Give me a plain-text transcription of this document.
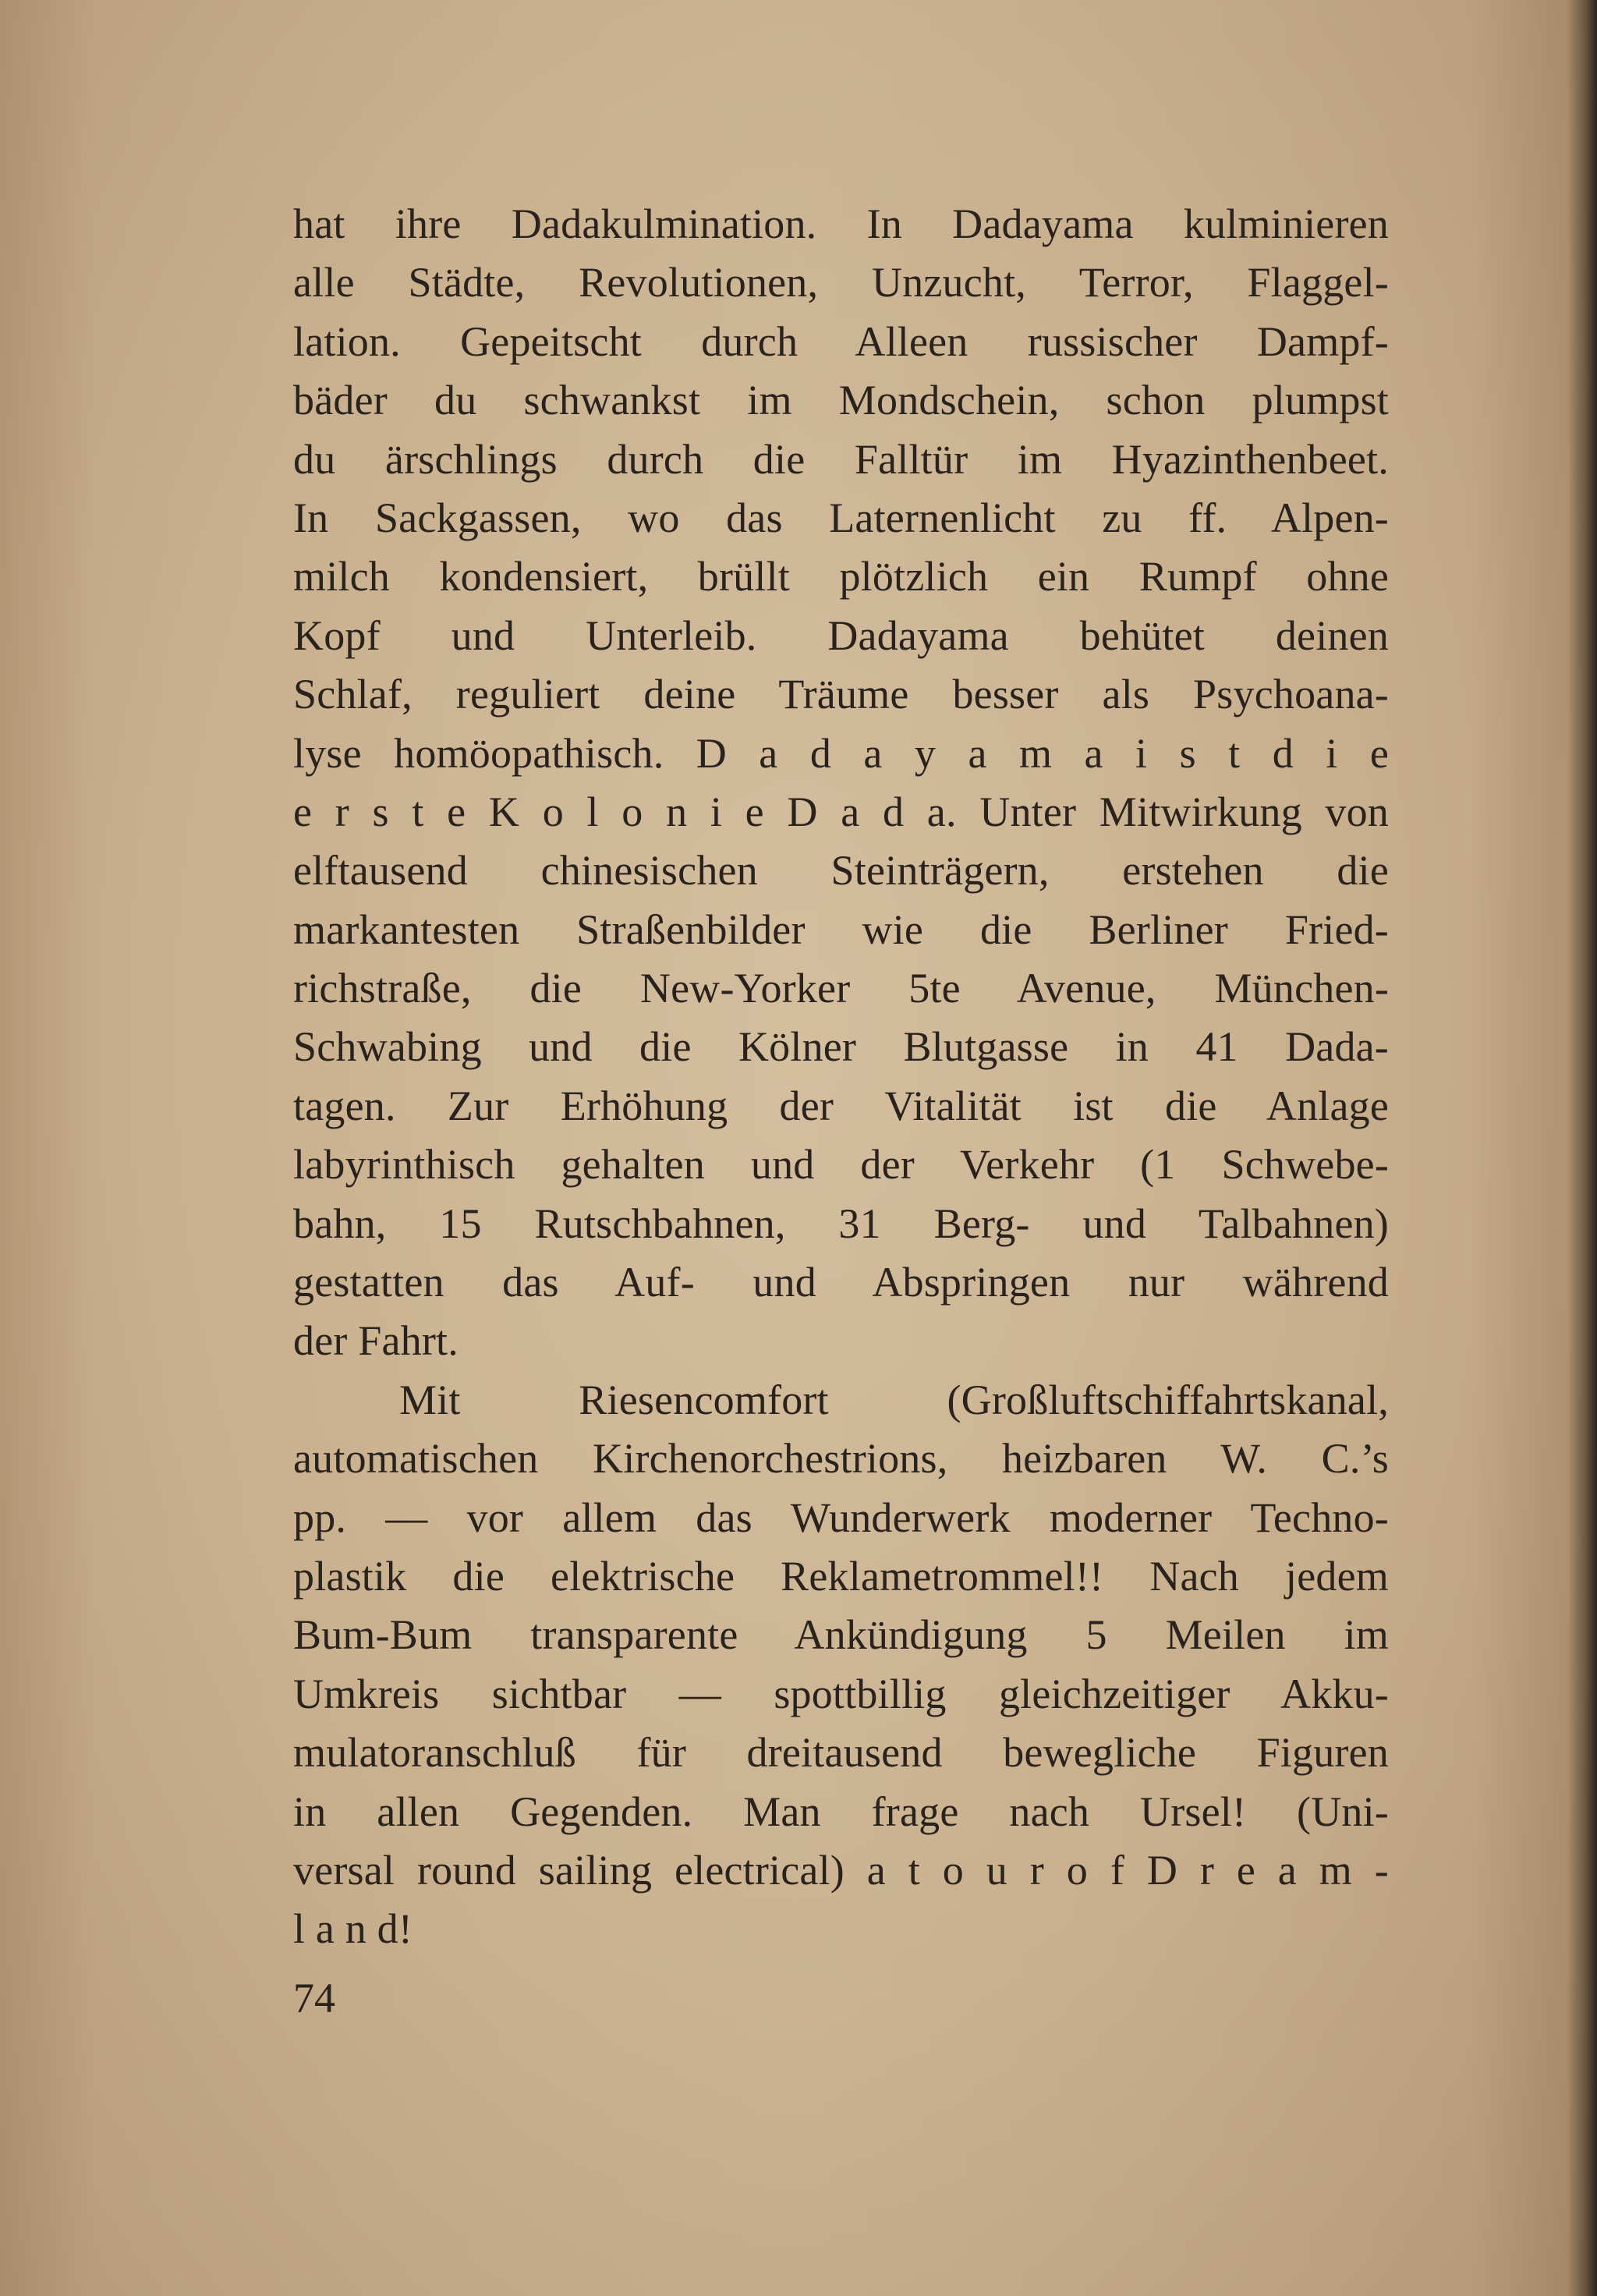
hat ihre Dadakulmination. In Dadayama kulminieren
alle Städte, Revolutionen, Unzucht, Terror, Flaggel-
lation. Gepeitscht durch Alleen russischer Dampf-
bäder du schwankst im Mondschein, schon plumpst
du ärschlings durch die Falltür im Hyazinthenbeet.
In Sackgassen, wo das Laternenlicht zu ff. Alpen-
milch kondensiert, brüllt plötzlich ein Rumpf ohne
Kopf und Unterleib. Dadayama behütet deinen
Schlaf, reguliert deine Träume besser als Psychoana-
lyse homöopathisch. D a d a y a m a i s t d i e
e r s t e K o l o n i e D a d a. Unter Mitwirkung von
elftausend chinesischen Steinträgern, erstehen die
markantesten Straßenbilder wie die Berliner Fried-
richstraße, die New-Yorker 5te Avenue, München-
Schwabing und die Kölner Blutgasse in 41 Dada-
tagen. Zur Erhöhung der Vitalität ist die Anlage
labyrinthisch gehalten und der Verkehr (1 Schwebe-
bahn, 15 Rutschbahnen, 31 Berg- und Talbahnen)
gestatten das Auf- und Abspringen nur während
der Fahrt.
Mit Riesencomfort (Großluftschiffahrtskanal,
automatischen Kirchenorchestrions, heizbaren W. C.’s
pp. — vor allem das Wunderwerk moderner Techno-
plastik die elektrische Reklametrommel!! Nach jedem
Bum-Bum transparente Ankündigung 5 Meilen im
Umkreis sichtbar — spottbillig gleichzeitiger Akku-
mulatoranschluß für dreitausend bewegliche Figuren
in allen Gegenden. Man frage nach Ursel! (Uni-
versal round sailing electrical) a t o u r o f D r e a m -
l a n d!
74
